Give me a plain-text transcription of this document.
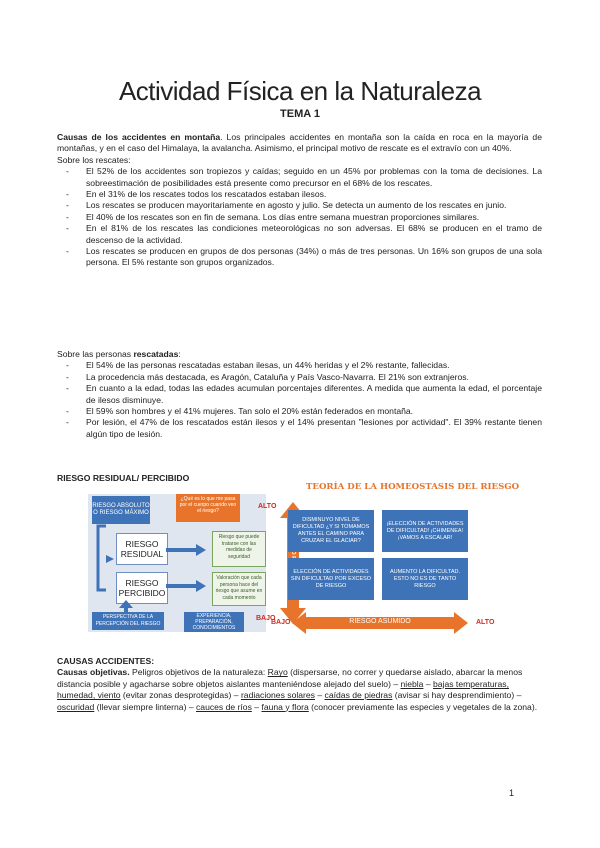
Actividad Física en la Naturaleza
TEMA 1

Causas de los accidentes en montaña. Los principales accidentes en montaña son la caída en roca en la mayoría de montañas, y en el caso del Himalaya, la avalancha. Asimismo, el principal motivo de rescate es el extravío con un 40%.

Sobre los rescates:

- El 52% de los accidentes son tropiezos y caídas; seguido en un 45% por problemas con la toma de decisiones. La sobreestimación de posibilidades está presente como precursor en el 68% de los rescates.
- En el 31% de los rescates todos los rescatados estaban ilesos.
- Los rescates se producen mayoritariamente en agosto y julio. Se detecta un aumento de los rescates en junio.
- El 40% de los rescates son en fin de semana. Los días entre semana muestran proporciones similares.
- En el 81% de los rescates las condiciones meteorológicas no son adversas. El 68% se producen en el tramo de descenso de la actividad.
- Los rescates se producen en grupos de dos personas (34%) o más de tres personas. Un 16% son grupos de una sola persona. El 5% restante son grupos organizados.

Sobre las personas rescatadas:

- El 54% de las personas rescatadas estaban ilesas, un 44% heridas y el 2% restante, fallecidas.
- La procedencia más destacada, es Aragón, Cataluña y País Vasco-Navarra. El 21% son extranjeros.
- En cuanto a la edad, todas las edades acumulan porcentajes diferentes. A medida que aumenta la edad, el porcentaje de ilesos disminuye.
- El 59% son hombres y el 41% mujeres. Tan solo el 20% están federados en montaña.
- Por lesión, el 47% de los rescatados están ilesos y el 14% presentan "lesiones por actividad". El 39% restante tienen algún tipo de lesión.
RIESGO RESIDUAL/ PERCIBIDO
RIESGO ABSOLUTO O RIESGO MÁXIMO
RIESGO RESIDUAL
RIESGO PERCIBIDO
PERSPECTIVA DE LA PERCEPCIÓN DEL RIESGO
¿Qué es lo que me pasa por el cuerpo cuando veo el riesgo?
Riesgo que puede tratarse con las medidas de seguridad
Valoración que cada persona hace del riesgo que asume en cada momento
EXPERIENCIA, PREPARACIÓN, CONOCIMIENTOS
ALTO
BAJO
TEORÍA DE LA HOMEOSTASIS DEL RIESGO
DISMINUYO NIVEL DE DIFICULTAD ¿Y SI TOMAMOS ANTES EL CAMINO PARA CRUZAR EL GLACIAR?
¡ELECCIÓN DE ACTIVIDADES DE DIFICULTAD! ¡CHIMENEA! ¡VAMOS A ESCALAR!
ELECCIÓN DE ACTIVIDADES SIN DIFICULTAD POR EXCESO DE RIESGO
AUMENTO LA DIFICULTAD. ESTO NO ES DE TANTO RIESGO
RIESGO ASUMIDO
BAJO	ALTO

CAUSAS ACCIDENTES:

Causas objetivas. Peligros objetivos de la naturaleza: Rayo (dispersarse, no correr y quedarse aislado, abarcar la menos distancia posible y agacharse sobre objetos aislantes manteniéndose alejado del suelo) – niebla – bajas temperaturas, humedad, viento (evitar zonas desprotegidas) – radiaciones solares – caídas de piedras (avisar si hay desprendimiento) – oscuridad (llevar siempre linterna) – cauces de ríos – fauna y flora (conocer previamente las especies y vegetales de la zona).

1
